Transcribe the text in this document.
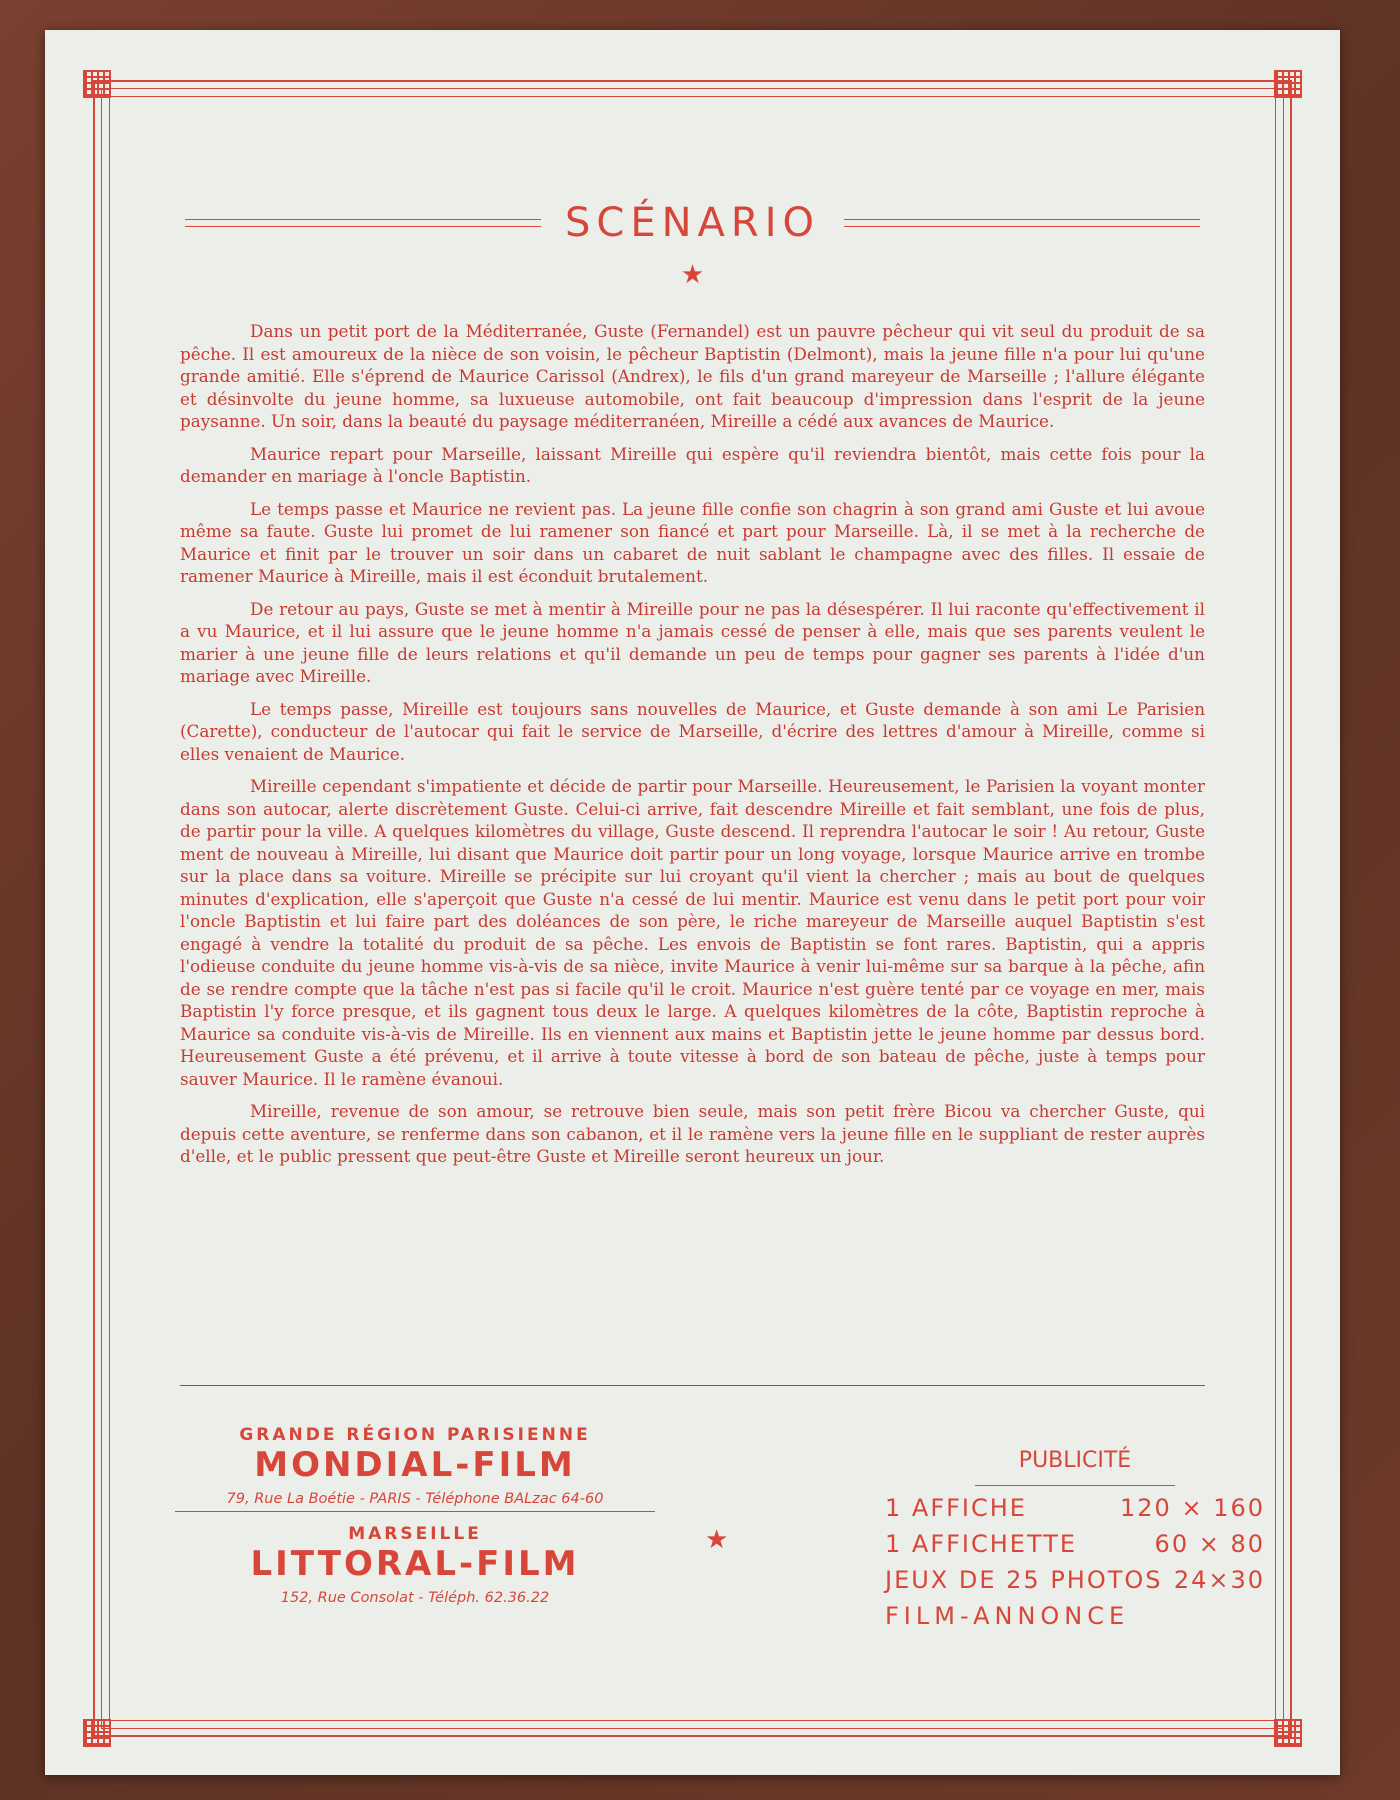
SCÉNARIO
★

Dans un petit port de la Méditerranée, Guste (Fernandel) est un pauvre pêcheur qui vit seul du produit de sa pêche. Il est amoureux de la nièce de son voisin, le pêcheur Baptistin (Delmont), mais la jeune fille n'a pour lui qu'une grande amitié. Elle s'éprend de Maurice Carissol (Andrex), le fils d'un grand mareyeur de Marseille ; l'allure élégante et désinvolte du jeune homme, sa luxueuse automobile, ont fait beaucoup d'impression dans l'esprit de la jeune paysanne. Un soir, dans la beauté du paysage méditerranéen, Mireille a cédé aux avances de Maurice.

Maurice repart pour Marseille, laissant Mireille qui espère qu'il reviendra bientôt, mais cette fois pour la demander en mariage à l'oncle Baptistin.

Le temps passe et Maurice ne revient pas. La jeune fille confie son chagrin à son grand ami Guste et lui avoue même sa faute. Guste lui promet de lui ramener son fiancé et part pour Marseille. Là, il se met à la recherche de Maurice et finit par le trouver un soir dans un cabaret de nuit sablant le champagne avec des filles. Il essaie de ramener Maurice à Mireille, mais il est éconduit brutalement.

De retour au pays, Guste se met à mentir à Mireille pour ne pas la désespérer. Il lui raconte qu'effectivement il a vu Maurice, et il lui assure que le jeune homme n'a jamais cessé de penser à elle, mais que ses parents veulent le marier à une jeune fille de leurs relations et qu'il demande un peu de temps pour gagner ses parents à l'idée d'un mariage avec Mireille.

Le temps passe, Mireille est toujours sans nouvelles de Maurice, et Guste demande à son ami Le Parisien (Carette), conducteur de l'autocar qui fait le service de Marseille, d'écrire des lettres d'amour à Mireille, comme si elles venaient de Maurice.

Mireille cependant s'impatiente et décide de partir pour Marseille. Heureusement, le Parisien la voyant monter dans son autocar, alerte discrètement Guste. Celui-ci arrive, fait descendre Mireille et fait semblant, une fois de plus, de partir pour la ville. A quelques kilomètres du village, Guste descend. Il reprendra l'autocar le soir ! Au retour, Guste ment de nouveau à Mireille, lui disant que Maurice doit partir pour un long voyage, lorsque Maurice arrive en trombe sur la place dans sa voiture. Mireille se précipite sur lui croyant qu'il vient la chercher ; mais au bout de quelques minutes d'explication, elle s'aperçoit que Guste n'a cessé de lui mentir. Maurice est venu dans le petit port pour voir l'oncle Baptistin et lui faire part des doléances de son père, le riche mareyeur de Marseille auquel Baptistin s'est engagé à vendre la totalité du produit de sa pêche. Les envois de Baptistin se font rares. Baptistin, qui a appris l'odieuse conduite du jeune homme vis-à-vis de sa nièce, invite Maurice à venir lui-même sur sa barque à la pêche, afin de se rendre compte que la tâche n'est pas si facile qu'il le croit. Maurice n'est guère tenté par ce voyage en mer, mais Baptistin l'y force presque, et ils gagnent tous deux le large. A quelques kilomètres de la côte, Baptistin reproche à Maurice sa conduite vis-à-vis de Mireille. Ils en viennent aux mains et Baptistin jette le jeune homme par dessus bord. Heureusement Guste a été prévenu, et il arrive à toute vitesse à bord de son bateau de pêche, juste à temps pour sauver Maurice. Il le ramène évanoui.

Mireille, revenue de son amour, se retrouve bien seule, mais son petit frère Bicou va chercher Guste, qui depuis cette aventure, se renferme dans son cabanon, et il le ramène vers la jeune fille en le suppliant de rester auprès d'elle, et le public pressent que peut-être Guste et Mireille seront heureux un jour.

GRANDE RÉGION PARISIENNE
MONDIAL-FILM
79, Rue La Boétie - PARIS - Téléphone BALzac 64-60
MARSEILLE
LITTORAL-FILM
152, Rue Consolat - Téléph. 62.36.22
★
PUBLICITÉ
1 AFFICHE	120 × 160
1 AFFICHETTE	60 × 80
JEUX DE 25 PHOTOS 24×30
FILM-ANNONCE
